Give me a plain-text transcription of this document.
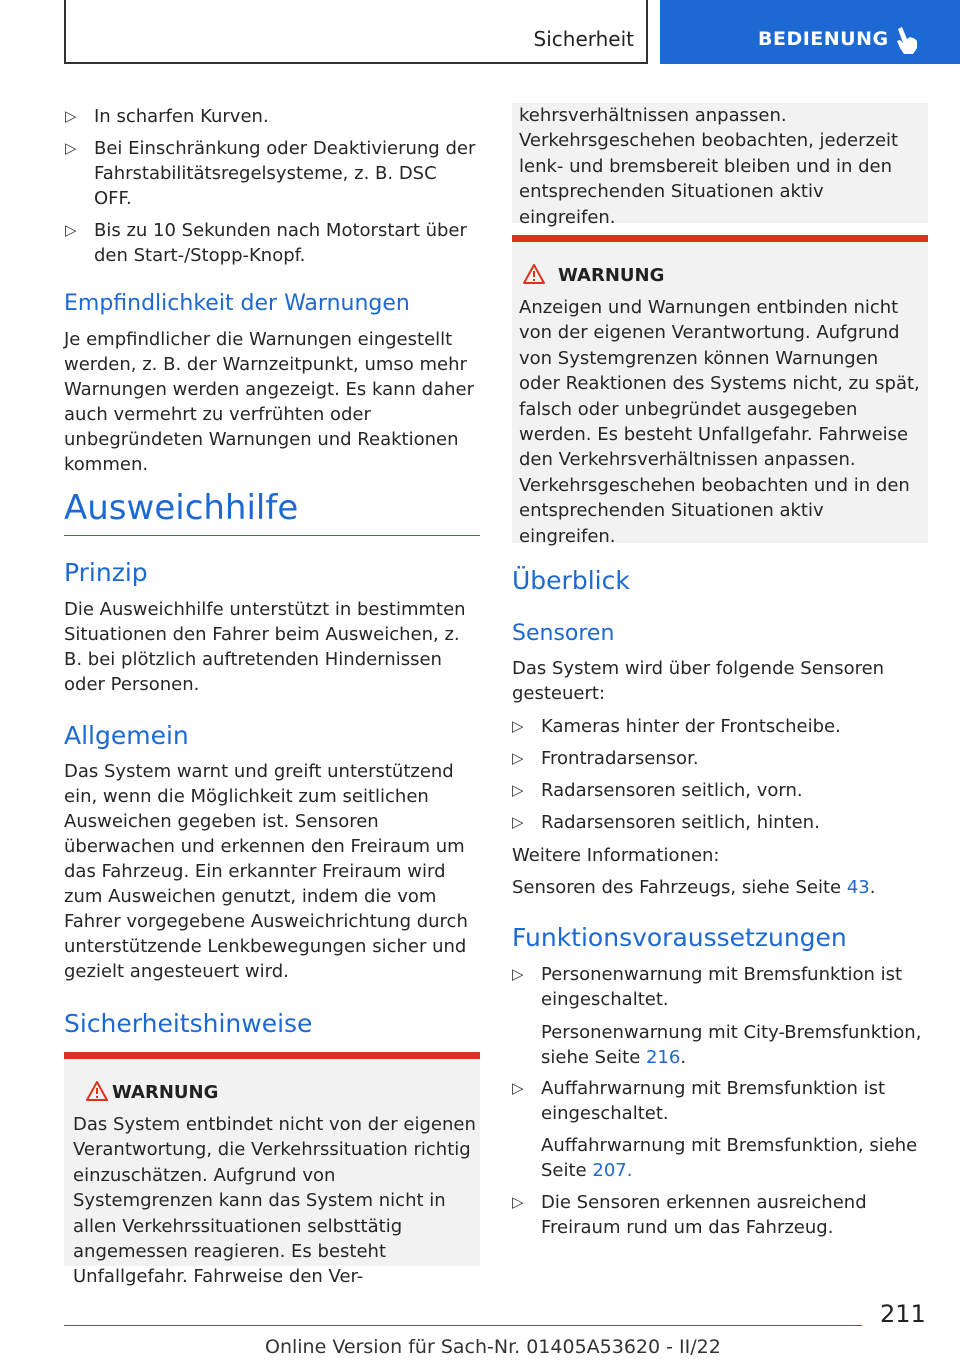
Sicherheit	BEDIENUNG
▷ In scharfen Kurven.
▷ Bei Einschränkung oder Deaktivierung der Fahrstabilitätsregelsysteme, z. B. DSC OFF.
▷ Bis zu 10 Sekunden nach Motorstart über den Start-/Stopp-Knopf.
Empfindlichkeit der Warnungen
Je empfindlicher die Warnungen eingestellt werden, z. B. der Warnzeitpunkt, umso mehr Warnungen werden angezeigt. Es kann daher auch vermehrt zu verfrühten oder unbegründeten Warnungen und Reaktionen kommen.
Ausweichhilfe
Prinzip
Die Ausweichhilfe unterstützt in bestimmten Situationen den Fahrer beim Ausweichen, z. B. bei plötzlich auftretenden Hindernissen oder Personen.
Allgemein
Das System warnt und greift unterstützend ein, wenn die Möglichkeit zum seitlichen Ausweichen gegeben ist. Sensoren überwachen und erkennen den Freiraum um das Fahrzeug. Ein erkannter Freiraum wird zum Ausweichen genutzt, indem die vom Fahrer vorgegebene Ausweichrichtung durch unterstützende Lenkbewegungen sicher und gezielt angesteuert wird.
Sicherheitshinweise
WARNUNG
Das System entbindet nicht von der eigenen Verantwortung, die Verkehrssituation richtig einzuschätzen. Aufgrund von Systemgrenzen kann das System nicht in allen Verkehrssituationen selbsttätig angemessen reagieren. Es besteht Unfallgefahr. Fahrweise den Ver-
kehrsverhältnissen anpassen. Verkehrsgeschehen beobachten, jederzeit lenk- und bremsbereit bleiben und in den entsprechenden Situationen aktiv eingreifen.
WARNUNG
Anzeigen und Warnungen entbinden nicht von der eigenen Verantwortung. Aufgrund von Systemgrenzen können Warnungen oder Reaktionen des Systems nicht, zu spät, falsch oder unbegründet ausgegeben werden. Es besteht Unfallgefahr. Fahrweise den Verkehrsverhältnissen anpassen. Verkehrsgeschehen beobachten und in den entsprechenden Situationen aktiv eingreifen.
Überblick
Sensoren
Das System wird über folgende Sensoren gesteuert:
▷ Kameras hinter der Frontscheibe.
▷ Frontradarsensor.
▷ Radarsensoren seitlich, vorn.
▷ Radarsensoren seitlich, hinten.
Weitere Informationen:
Sensoren des Fahrzeugs, siehe Seite 43.
Funktionsvoraussetzungen
▷ Personenwarnung mit Bremsfunktion ist eingeschaltet.
Personenwarnung mit City-Bremsfunktion, siehe Seite 216.
▷ Auffahrwarnung mit Bremsfunktion ist eingeschaltet.
Auffahrwarnung mit Bremsfunktion, siehe Seite 207.
▷ Die Sensoren erkennen ausreichend Freiraum rund um das Fahrzeug.
211
Online Version für Sach-Nr. 01405A53620 - II/22
